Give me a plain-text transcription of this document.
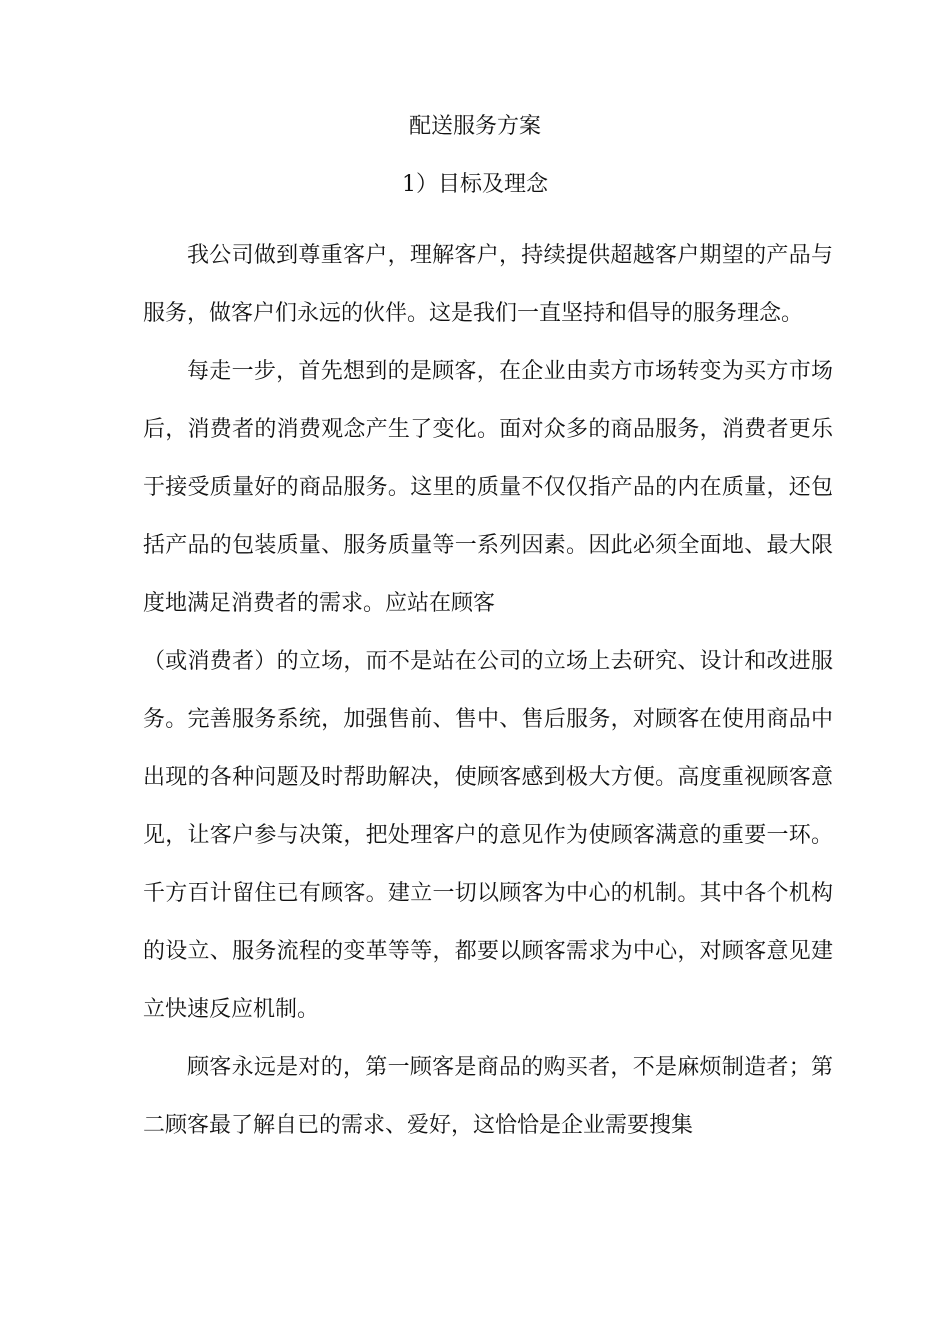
配送服务方案
1）目标及理念

我公司做到尊重客户，理解客户，持续提供超越客户期望的产品与服务，做客户们永远的伙伴。这是我们一直坚持和倡导的服务理念。

每走一步，首先想到的是顾客，在企业由卖方市场转变为买方市场后，消费者的消费观念产生了变化。面对众多的商品服务，消费者更乐于接受质量好的商品服务。这里的质量不仅仅指产品的内在质量，还包括产品的包装质量、服务质量等一系列因素。因此必须全面地、最大限度地满足消费者的需求。应站在顾客

（或消费者）的立场，而不是站在公司的立场上去研究、设计和改进服务。完善服务系统，加强售前、售中、售后服务，对顾客在使用商品中出现的各种问题及时帮助解决，使顾客感到极大方便。高度重视顾客意见，让客户参与决策，把处理客户的意见作为使顾客满意的重要一环。千方百计留住已有顾客。建立一切以顾客为中心的机制。其中各个机构的设立、服务流程的变革等等，都要以顾客需求为中心，对顾客意见建立快速反应机制。

顾客永远是对的，第一顾客是商品的购买者，不是麻烦制造者；第二顾客最了解自已的需求、爱好，这恰恰是企业需要搜集
